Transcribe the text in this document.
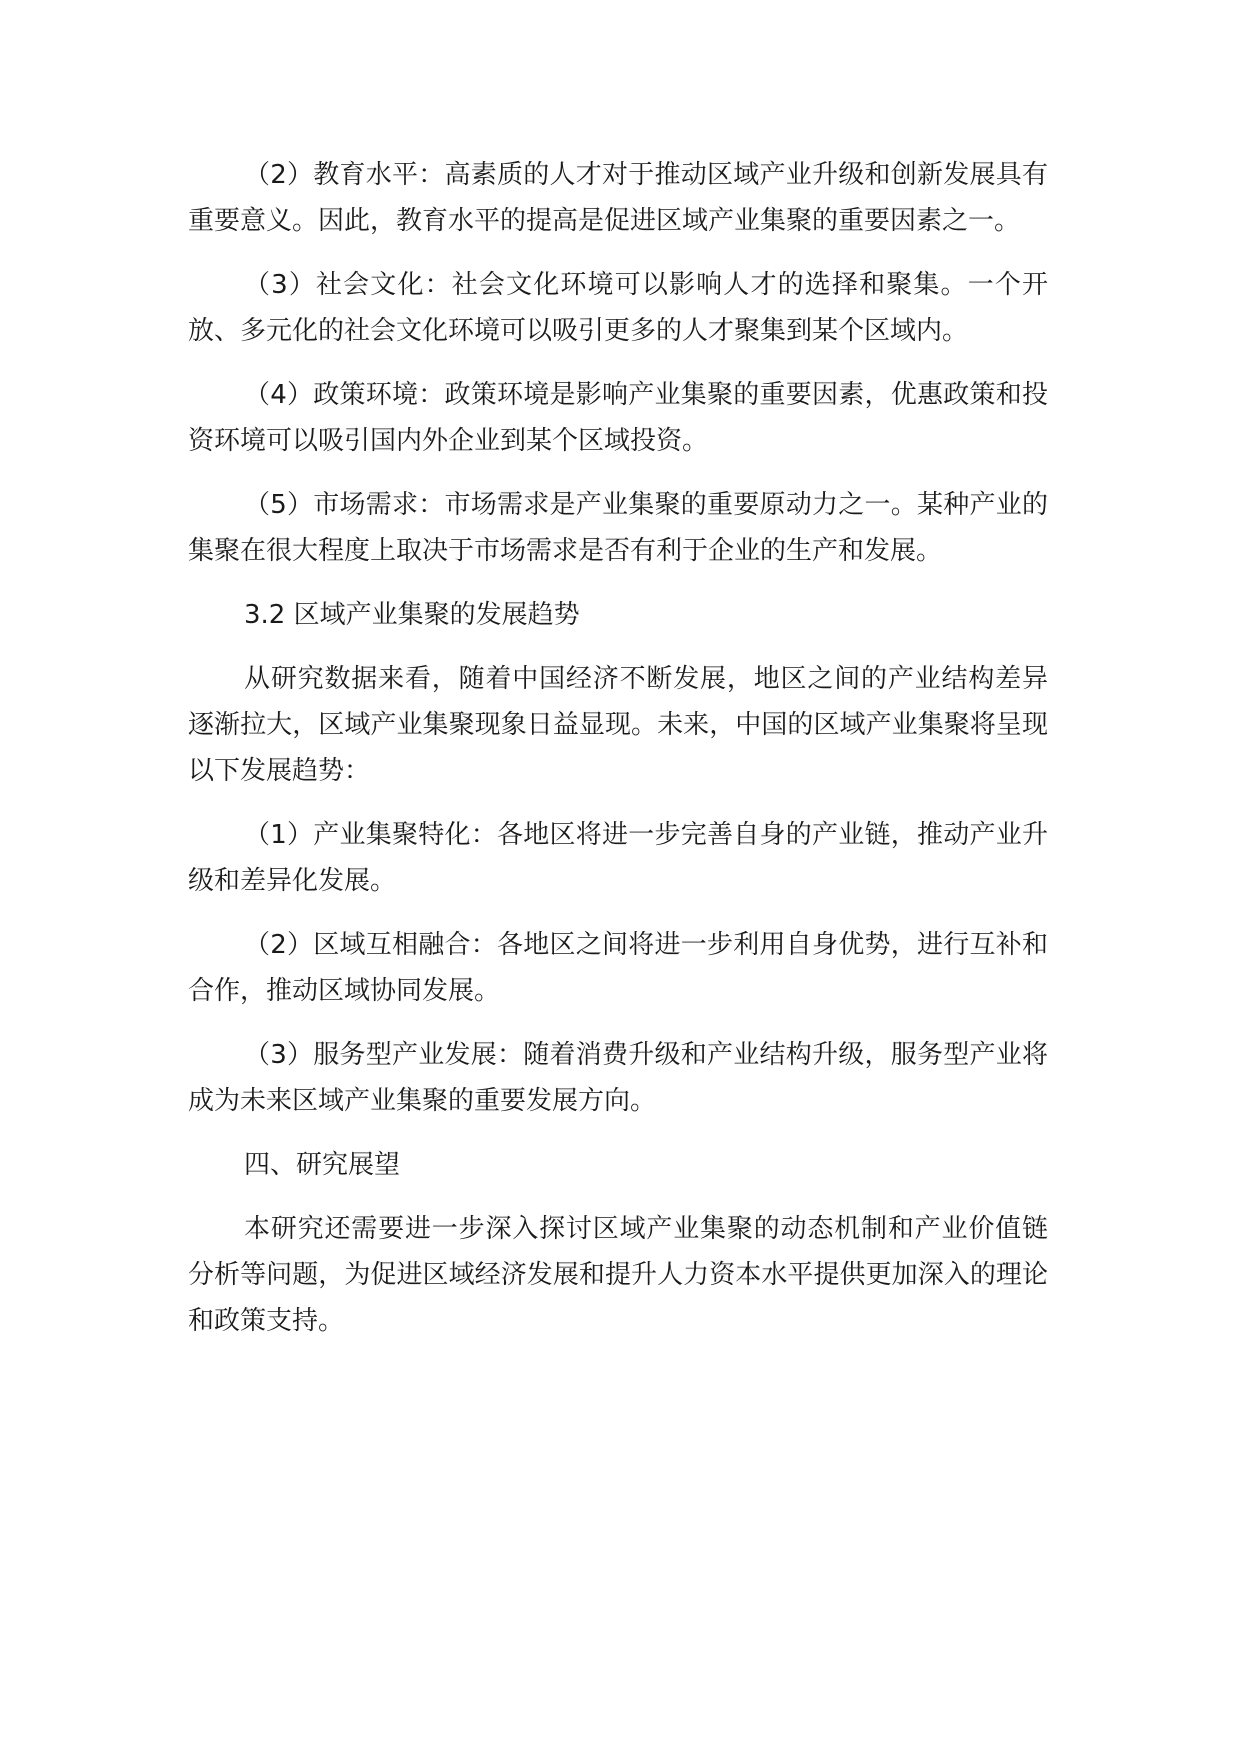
（2）教育水平：高素质的人才对于推动区域产业升级和创新发展具有重要意义。因此，教育水平的提高是促进区域产业集聚的重要因素之一。

（3）社会文化：社会文化环境可以影响人才的选择和聚集。一个开放、多元化的社会文化环境可以吸引更多的人才聚集到某个区域内。

（4）政策环境：政策环境是影响产业集聚的重要因素，优惠政策和投资环境可以吸引国内外企业到某个区域投资。

（5）市场需求：市场需求是产业集聚的重要原动力之一。某种产业的集聚在很大程度上取决于市场需求是否有利于企业的生产和发展。

3.2 区域产业集聚的发展趋势

从研究数据来看，随着中国经济不断发展，地区之间的产业结构差异逐渐拉大，区域产业集聚现象日益显现。未来，中国的区域产业集聚将呈现以下发展趋势：

（1）产业集聚特化：各地区将进一步完善自身的产业链，推动产业升级和差异化发展。

（2）区域互相融合：各地区之间将进一步利用自身优势，进行互补和合作，推动区域协同发展。

（3）服务型产业发展：随着消费升级和产业结构升级，服务型产业将成为未来区域产业集聚的重要发展方向。

四、研究展望

本研究还需要进一步深入探讨区域产业集聚的动态机制和产业价值链分析等问题，为促进区域经济发展和提升人力资本水平提供更加深入的理论和政策支持。
